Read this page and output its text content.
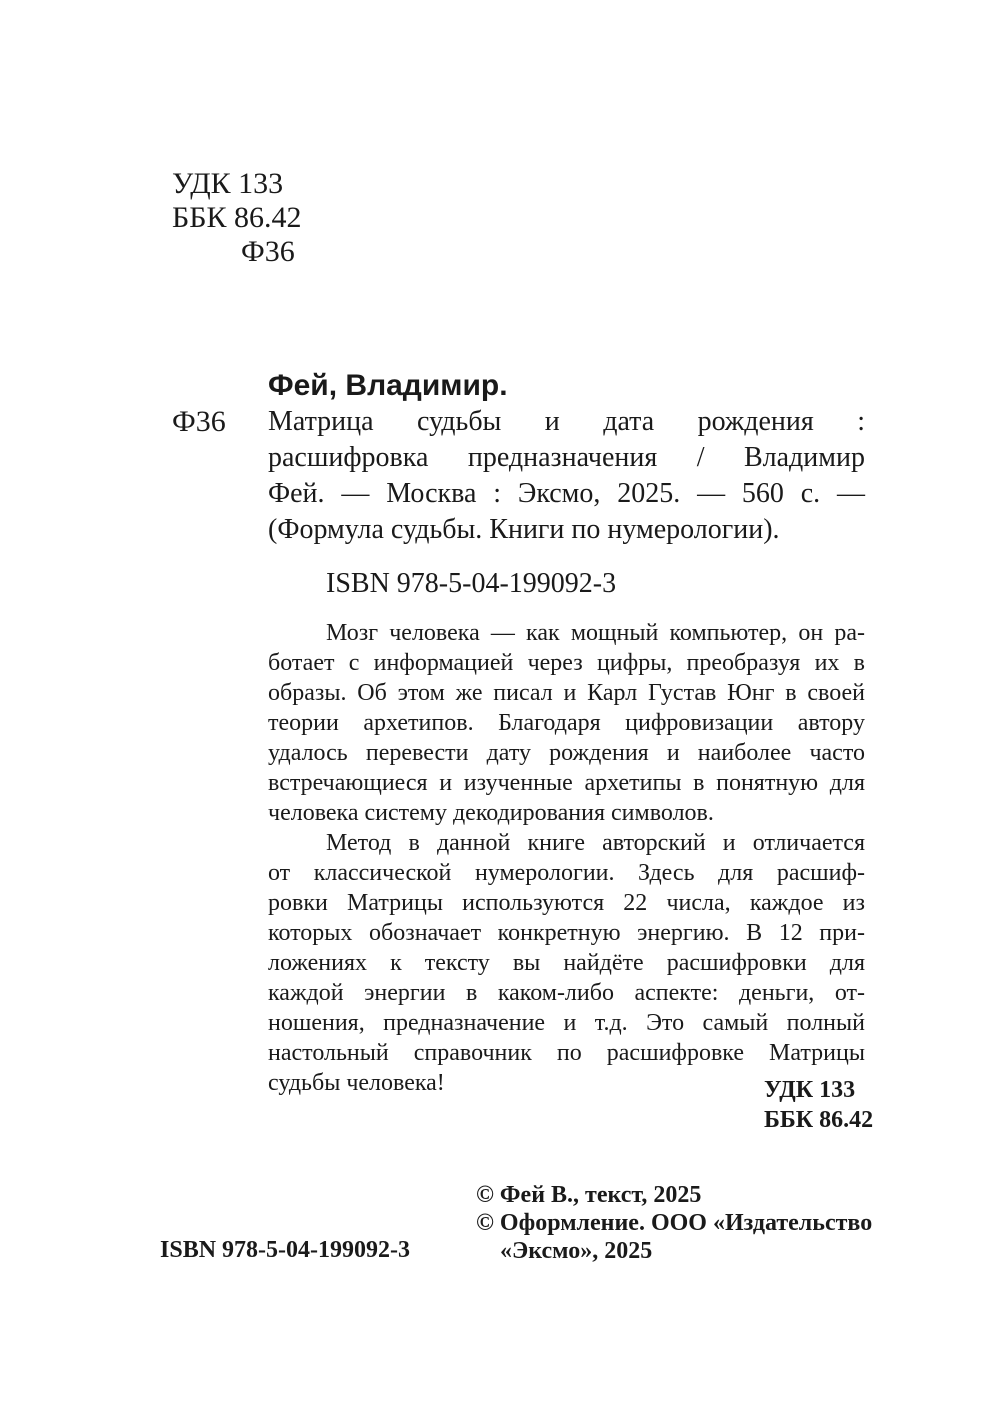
УДК 133
ББК 86.42
Ф36
Фей, Владимир.
Ф36 Матрица судьбы и дата рождения :
расшифровка предназначения / Владимир
Фей. — Москва : Эксмо, 2025. — 560 с. —
(Формула судьбы. Книги по нумерологии).
ISBN 978-5-04-199092-3
Мозг человека — как мощный компьютер, он ра-
ботает с информацией через цифры, преобразуя их в
образы. Об этом же писал и Карл Густав Юнг в своей
теории архетипов. Благодаря цифровизации автору
удалось перевести дату рождения и наиболее часто
встречающиеся и изученные архетипы в понятную для
человека систему декодирования символов.
Метод в данной книге авторский и отличается
от классической нумерологии. Здесь для расшиф-
ровки Матрицы используются 22 числа, каждое из
которых обозначает конкретную энергию. В 12 при-
ложениях к тексту вы найдёте расшифровки для
каждой энергии в каком-либо аспекте: деньги, от-
ношения, предназначение и т.д. Это самый полный
настольный справочник по расшифровке Матрицы
судьбы человека!	УДК 133
ББК 86.42
ISBN 978-5-04-199092-3
© Фей В., текст, 2025
© Оформление. ООО «Издательство
«Эксмо», 2025
